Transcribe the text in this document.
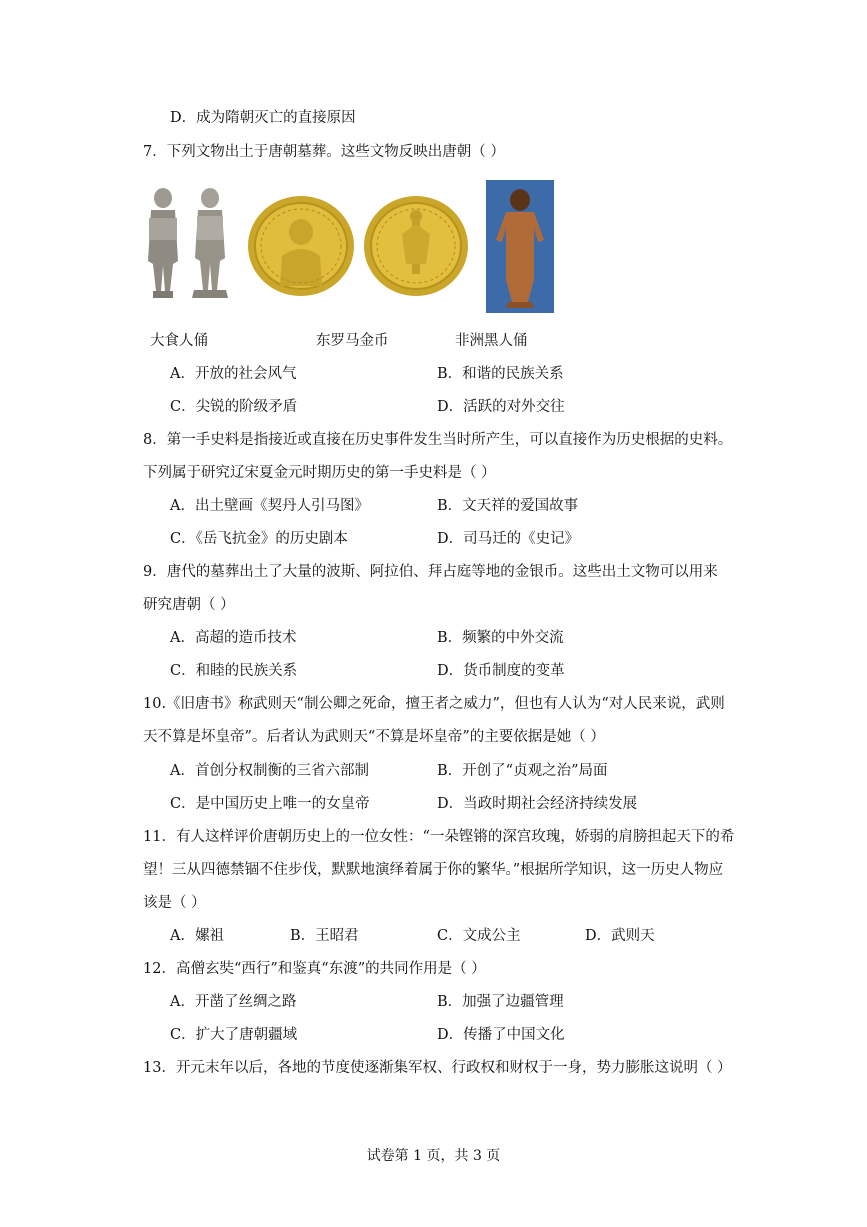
D．成为隋朝灭亡的直接原因
7．下列文物出土于唐朝墓葬。这些文物反映出唐朝（ ）
大食人俑	东罗马金币	非洲黑人俑
A．开放的社会风气	B．和谐的民族关系
C．尖锐的阶级矛盾	D．活跃的对外交往
8．第一手史料是指接近或直接在历史事件发生当时所产生，可以直接作为历史根据的史料。
下列属于研究辽宋夏金元时期历史的第一手史料是（ ）
A．出土壁画《契丹人引马图》	B．文天祥的爱国故事
C．《岳飞抗金》的历史剧本	D．司马迁的《史记》
9．唐代的墓葬出土了大量的波斯、阿拉伯、拜占庭等地的金银币。这些出土文物可以用来
研究唐朝（ ）
A．高超的造币技术	B．频繁的中外交流
C．和睦的民族关系	D．货币制度的变革
10.《旧唐书》称武则天“制公卿之死命，擅王者之威力”，但也有人认为“对人民来说，武则
天不算是坏皇帝”。后者认为武则天“不算是坏皇帝”的主要依据是她（ ）
A．首创分权制衡的三省六部制	B．开创了“贞观之治”局面
C．是中国历史上唯一的女皇帝	D．当政时期社会经济持续发展
11．有人这样评价唐朝历史上的一位女性：“一朵铿锵的深宫玫瑰，娇弱的肩膀担起天下的希
望！三从四德禁锢不住步伐，默默地演绎着属于你的繁华。”根据所学知识，这一历史人物应
该是（ ）
A．嫘祖	B．王昭君	C．文成公主	D．武则天
12．高僧玄奘“西行”和鉴真“东渡”的共同作用是（ ）
A．开凿了丝绸之路	B．加强了边疆管理
C．扩大了唐朝疆域	D．传播了中国文化
13．开元末年以后，各地的节度使逐渐集军权、行政权和财权于一身，势力膨胀这说明（ ）
试卷第 1 页，共 3 页
